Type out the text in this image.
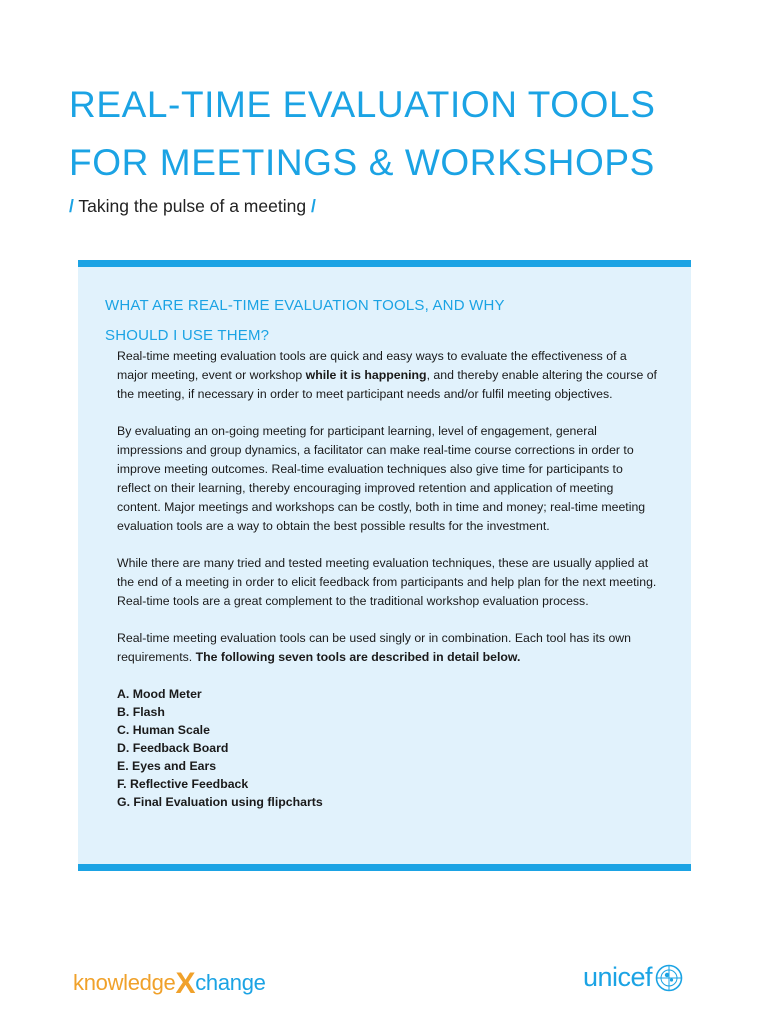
REAL-TIME EVALUATION TOOLS
FOR MEETINGS & WORKSHOPS
/ Taking the pulse of a meeting /
WHAT ARE REAL-TIME EVALUATION TOOLS, AND WHY
SHOULD I USE THEM?

Real-time meeting evaluation tools are quick and easy ways to evaluate the effectiveness of a major meeting, event or workshop while it is happening, and thereby enable altering the course of the meeting, if necessary in order to meet participant needs and/or fulfil meeting objectives.

By evaluating an on-going meeting for participant learning, level of engagement, general impressions and group dynamics, a facilitator can make real-time course corrections in order to improve meeting outcomes. Real-time evaluation techniques also give time for participants to reflect on their learning, thereby encouraging improved retention and application of meeting content. Major meetings and workshops can be costly, both in time and money; real-time meeting evaluation tools are a way to obtain the best possible results for the investment.

While there are many tried and tested meeting evaluation techniques, these are usually applied at the end of a meeting in order to elicit feedback from participants and help plan for the next meeting. Real-time tools are a great complement to the traditional workshop evaluation process.

Real-time meeting evaluation tools can be used singly or in combination. Each tool has its own requirements. The following seven tools are described in detail below.

A. Mood Meter
B. Flash
C. Human Scale
D. Feedback Board
E. Eyes and Ears
F. Reflective Feedback
G. Final Evaluation using flipcharts
knowledgeXchange	unicef
